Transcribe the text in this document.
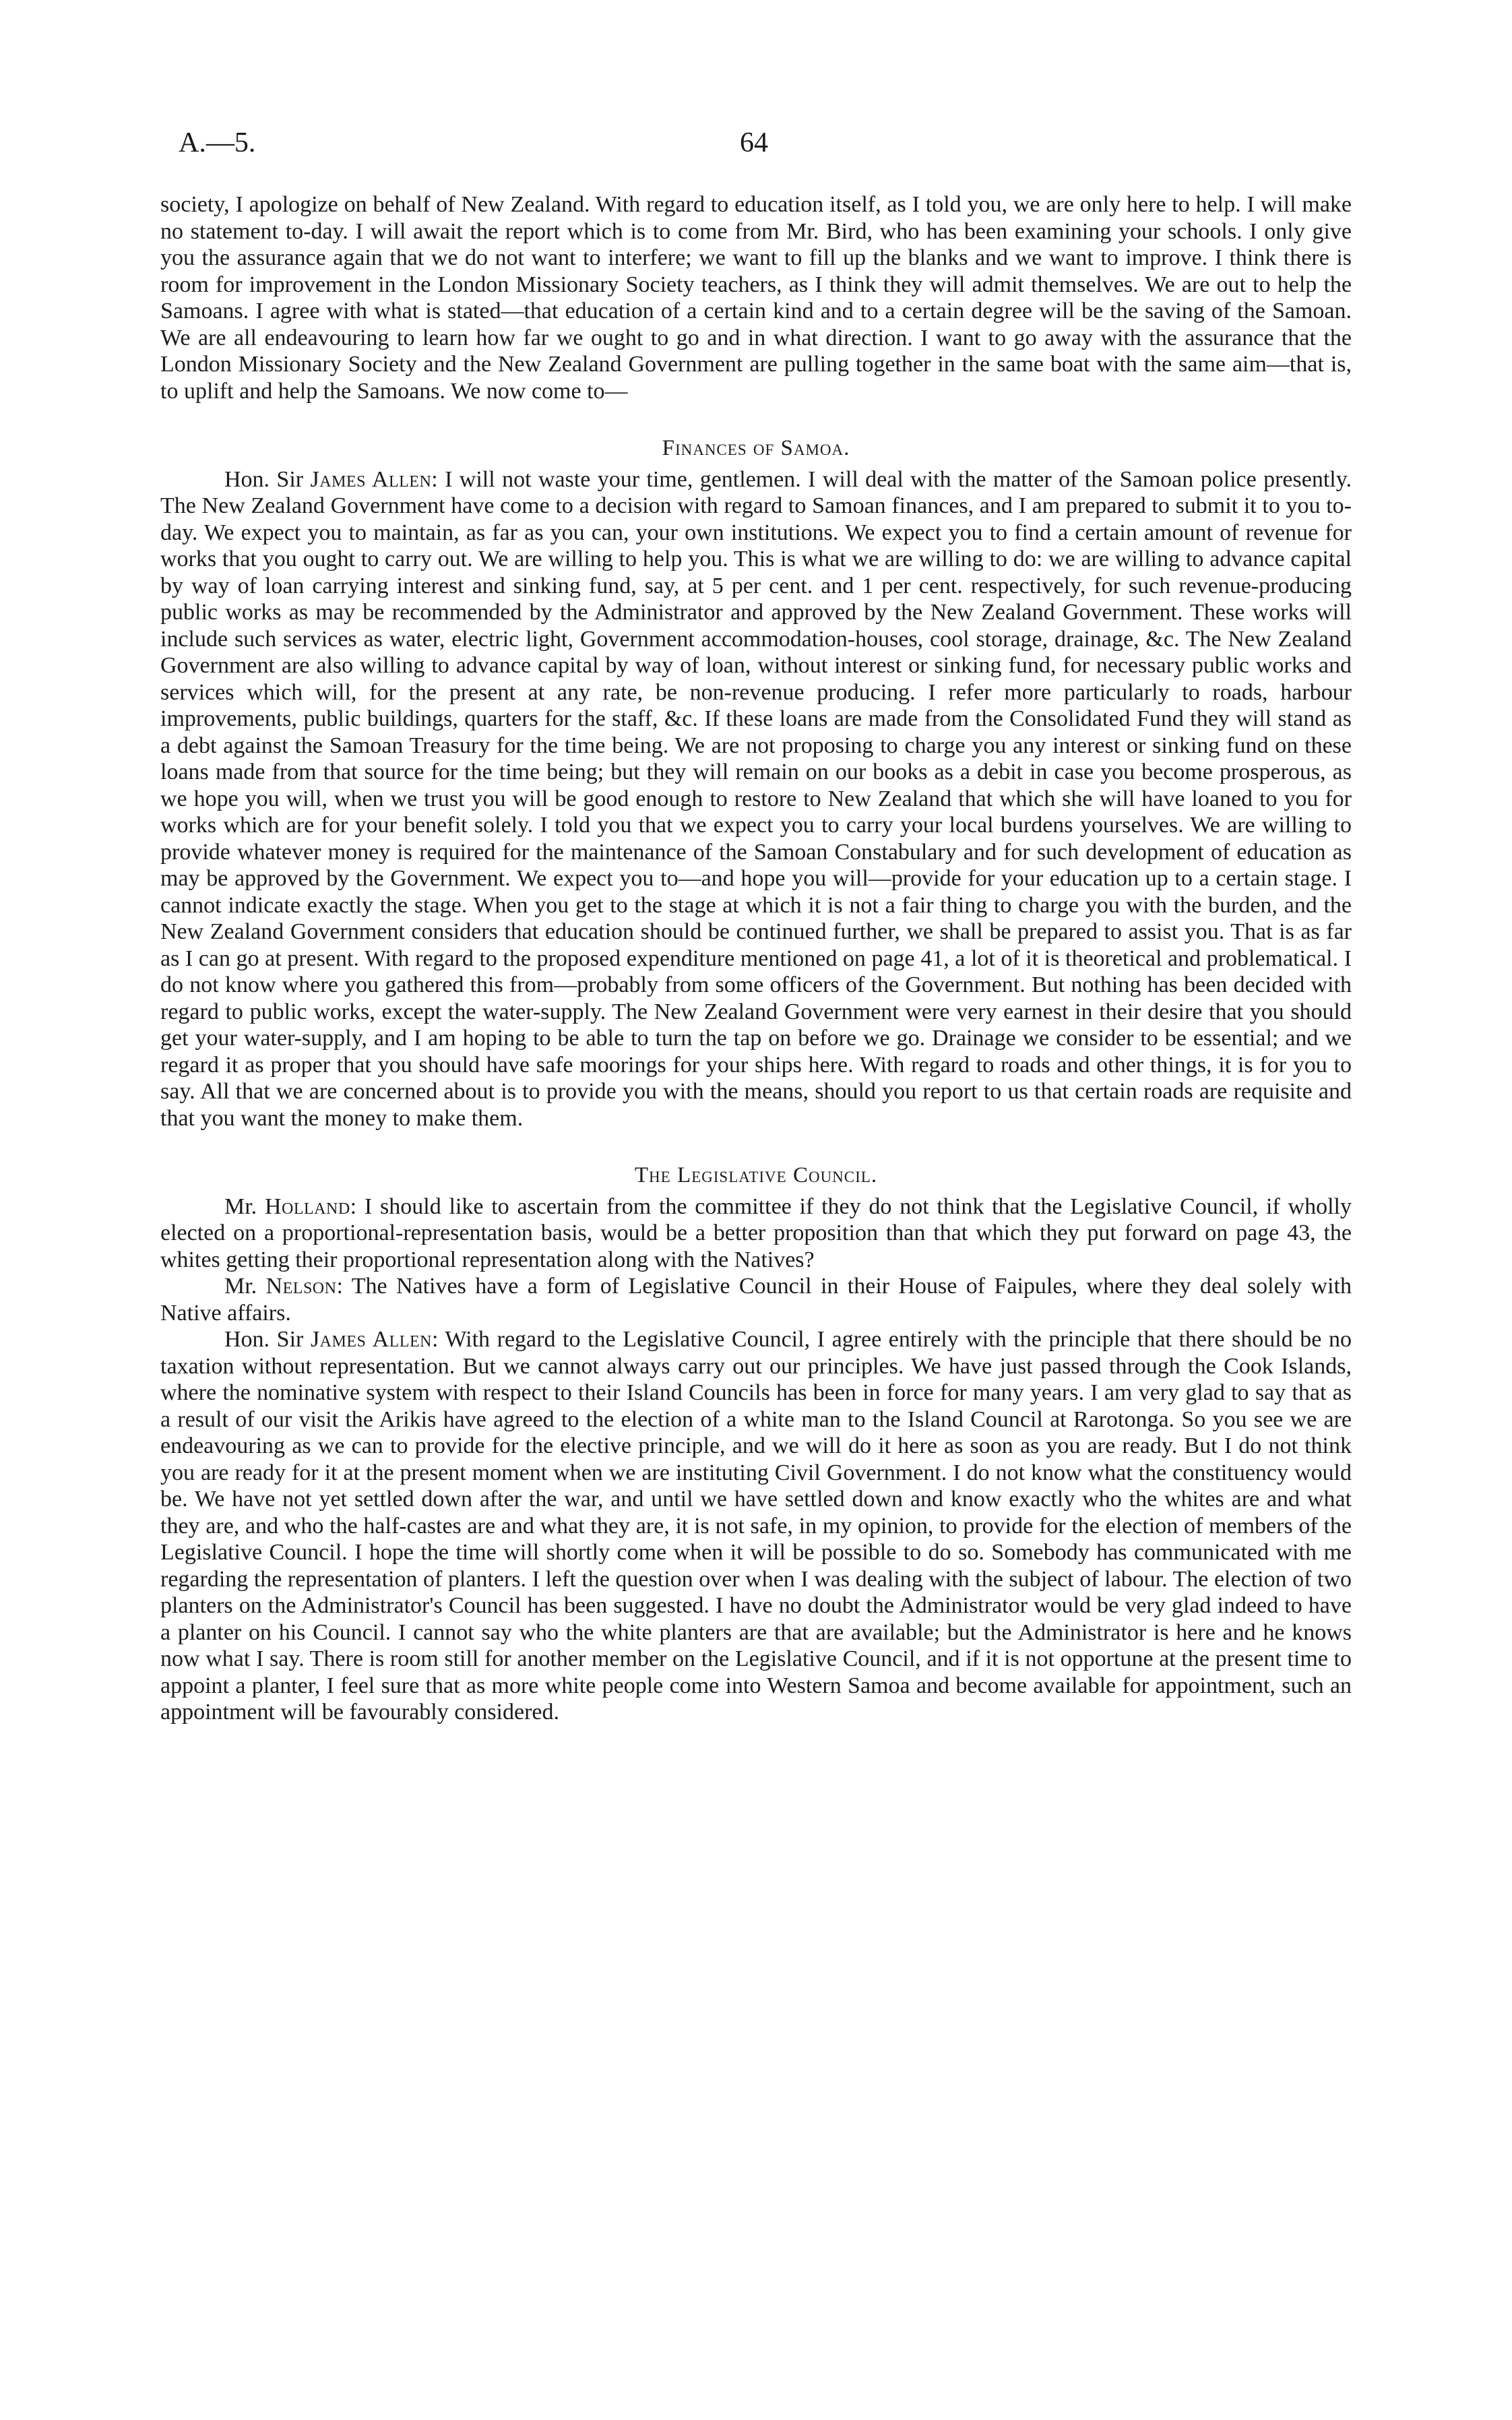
A.—5.	64

society, I apologize on behalf of New Zealand. With regard to education itself, as I told you, we are only here to help. I will make no statement to-day. I will await the report which is to come from Mr. Bird, who has been examining your schools. I only give you the assurance again that we do not want to interfere; we want to fill up the blanks and we want to improve. I think there is room for improvement in the London Missionary Society teachers, as I think they will admit themselves. We are out to help the Samoans. I agree with what is stated—that education of a certain kind and to a certain degree will be the saving of the Samoan. We are all endeavouring to learn how far we ought to go and in what direction. I want to go away with the assurance that the London Missionary Society and the New Zealand Government are pulling together in the same boat with the same aim—that is, to uplift and help the Samoans. We now come to—

Finances of Samoa.

Hon. Sir James Allen: I will not waste your time, gentlemen. I will deal with the matter of the Samoan police presently. The New Zealand Government have come to a decision with regard to Samoan finances, and I am prepared to submit it to you to-day. We expect you to maintain, as far as you can, your own institutions. We expect you to find a certain amount of revenue for works that you ought to carry out. We are willing to help you. This is what we are willing to do: we are willing to advance capital by way of loan carrying interest and sinking fund, say, at 5 per cent. and 1 per cent. respectively, for such revenue-producing public works as may be recommended by the Administrator and approved by the New Zealand Government. These works will include such services as water, electric light, Government accommodation-houses, cool storage, drainage, &c. The New Zealand Government are also willing to advance capital by way of loan, without interest or sinking fund, for necessary public works and services which will, for the present at any rate, be non-revenue producing. I refer more particularly to roads, harbour improvements, public buildings, quarters for the staff, &c. If these loans are made from the Consolidated Fund they will stand as a debt against the Samoan Treasury for the time being. We are not proposing to charge you any interest or sinking fund on these loans made from that source for the time being; but they will remain on our books as a debit in case you become prosperous, as we hope you will, when we trust you will be good enough to restore to New Zealand that which she will have loaned to you for works which are for your benefit solely. I told you that we expect you to carry your local burdens yourselves. We are willing to provide whatever money is required for the maintenance of the Samoan Constabulary and for such development of education as may be approved by the Government. We expect you to—and hope you will—provide for your education up to a certain stage. I cannot indicate exactly the stage. When you get to the stage at which it is not a fair thing to charge you with the burden, and the New Zealand Government considers that education should be continued further, we shall be prepared to assist you. That is as far as I can go at present. With regard to the proposed expenditure mentioned on page 41, a lot of it is theoretical and problematical. I do not know where you gathered this from—probably from some officers of the Government. But nothing has been decided with regard to public works, except the water-supply. The New Zealand Government were very earnest in their desire that you should get your water-supply, and I am hoping to be able to turn the tap on before we go. Drainage we consider to be essential; and we regard it as proper that you should have safe moorings for your ships here. With regard to roads and other things, it is for you to say. All that we are concerned about is to provide you with the means, should you report to us that certain roads are requisite and that you want the money to make them.

The Legislative Council.

Mr. Holland: I should like to ascertain from the committee if they do not think that the Legislative Council, if wholly elected on a proportional-representation basis, would be a better proposition than that which they put forward on page 43, the whites getting their proportional representation along with the Natives?

Mr. Nelson: The Natives have a form of Legislative Council in their House of Faipules, where they deal solely with Native affairs.

Hon. Sir James Allen: With regard to the Legislative Council, I agree entirely with the principle that there should be no taxation without representation. But we cannot always carry out our principles. We have just passed through the Cook Islands, where the nominative system with respect to their Island Councils has been in force for many years. I am very glad to say that as a result of our visit the Arikis have agreed to the election of a white man to the Island Council at Rarotonga. So you see we are endeavouring as we can to provide for the elective principle, and we will do it here as soon as you are ready. But I do not think you are ready for it at the present moment when we are instituting Civil Government. I do not know what the constituency would be. We have not yet settled down after the war, and until we have settled down and know exactly who the whites are and what they are, and who the half-castes are and what they are, it is not safe, in my opinion, to provide for the election of members of the Legislative Council. I hope the time will shortly come when it will be possible to do so. Somebody has communicated with me regarding the representation of planters. I left the question over when I was dealing with the subject of labour. The election of two planters on the Administrator's Council has been suggested. I have no doubt the Administrator would be very glad indeed to have a planter on his Council. I cannot say who the white planters are that are available; but the Administrator is here and he knows now what I say. There is room still for another member on the Legislative Council, and if it is not opportune at the present time to appoint a planter, I feel sure that as more white people come into Western Samoa and become available for appointment, such an appointment will be favourably considered.
